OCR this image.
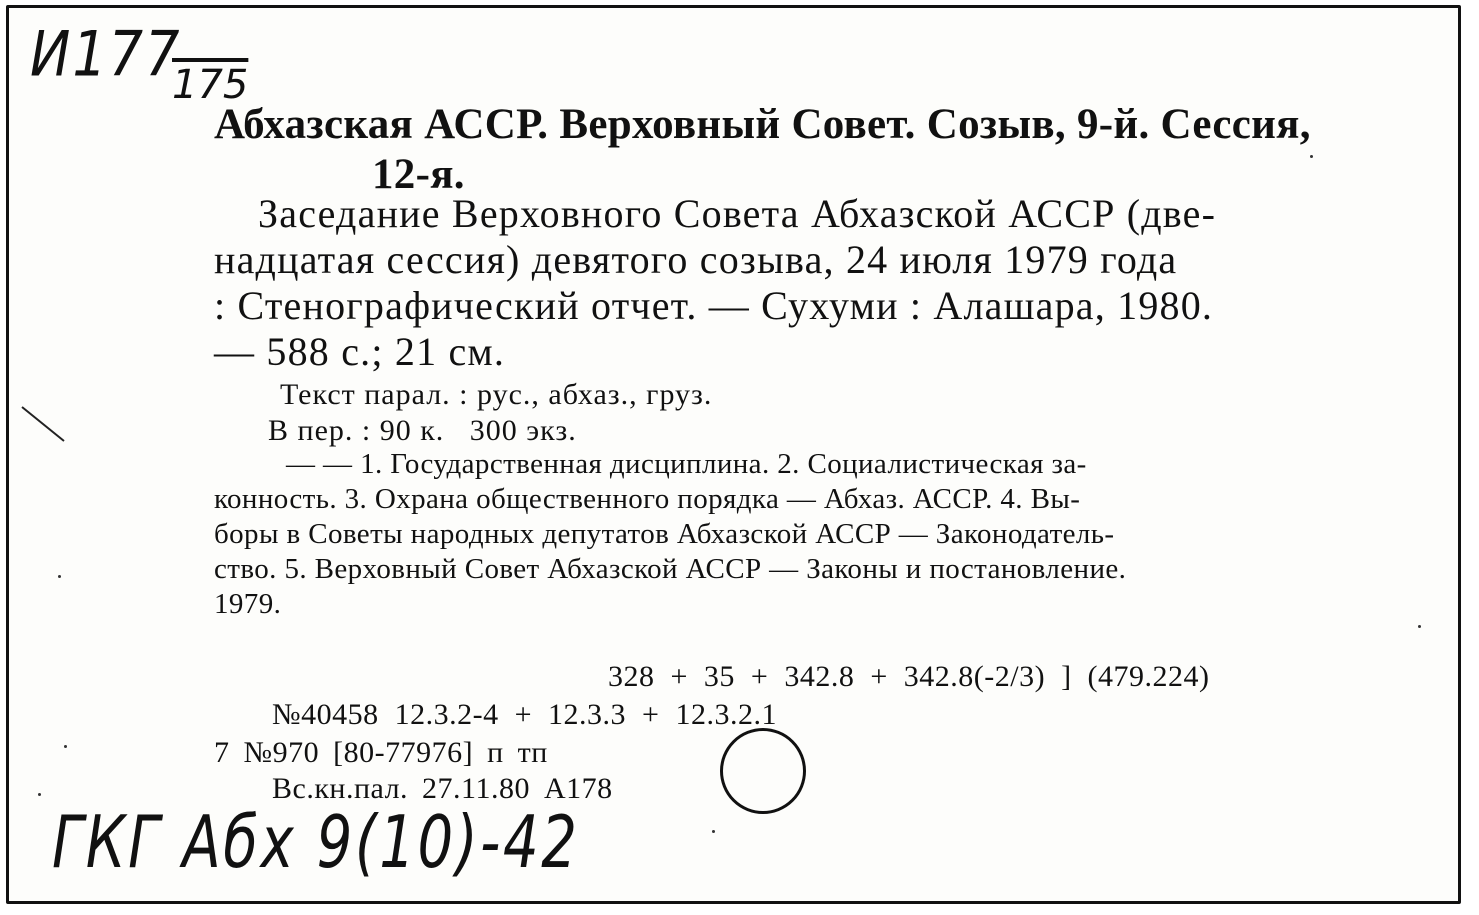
И177
175
Абхазская АССР. Верховный Совет. Созыв, 9-й. Сессия,
12-я.
Заседание Верховного Совета Абхазской АССР (две-
надцатая сессия) девятого созыва, 24 июля 1979 года
: Стенографический отчет. — Сухуми : Алашара, 1980.
— 588 с.; 21 см.
Текст парал. : рус., абхаз., груз.
В пер. : 90 к.   300 экз.
— — 1. Государственная дисциплина. 2. Социалистическая за-
конность. 3. Охрана общественного порядка — Абхаз. АССР. 4. Вы-
боры в Советы народных депутатов Абхазской АССР — Законодатель-
ство. 5. Верховный Совет Абхазской АССР — Законы и постановление.
1979.
328 + 35 + 342.8 + 342.8(-2/3) ] (479.224)
№40458 12.3.2-4 + 12.3.3 + 12.3.2.1
7 №970 [80-77976] п тп
Вс.кн.пал. 27.11.80 А178
ГКГ Абх 9(10)-42
